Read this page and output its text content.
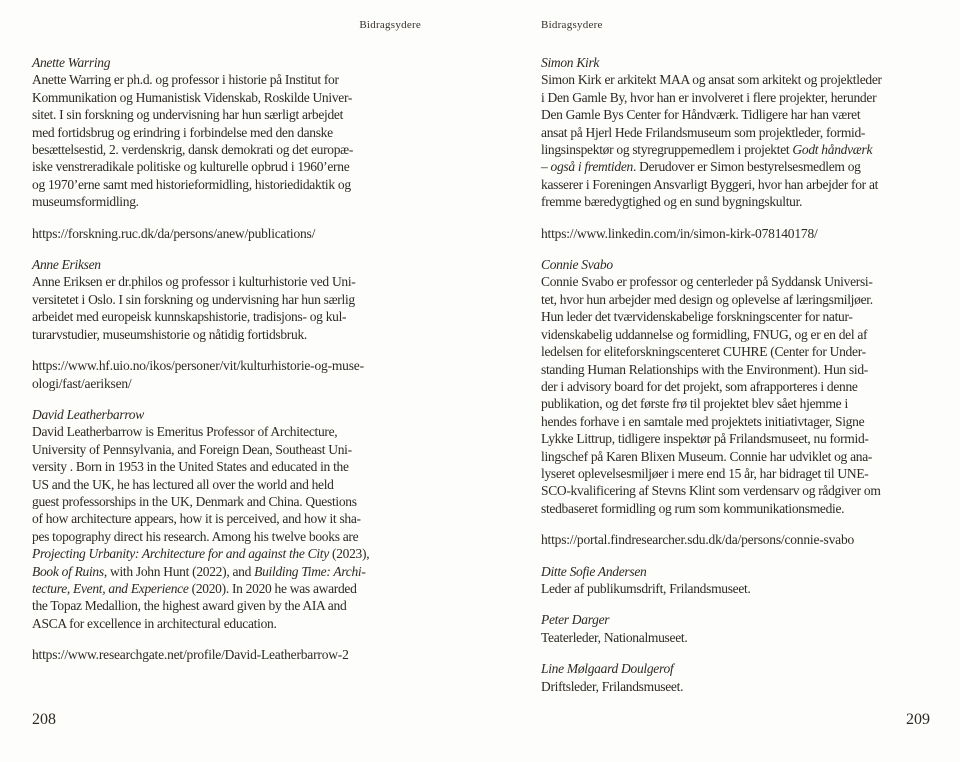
Bidragsydere
Anette Warring
Anette Warring er ph.d. og professor i historie på Institut for
Kommunikation og Humanistisk Videnskab, Roskilde Univer-
sitet. I sin forskning og undervisning har hun særligt arbejdet
med fortidsbrug og erindring i forbindelse med den danske
besættelsestid, 2. verdenskrig, dansk demokrati og det europæ-
iske venstreradikale politiske og kulturelle opbrud i 1960’erne
og 1970’erne samt med historieformidling, historiedidaktik og
museumsformidling.
https://forskning.ruc.dk/da/persons/anew/publications/
Anne Eriksen
Anne Eriksen er dr.philos og professor i kulturhistorie ved Uni-
versitetet i Oslo. I sin forskning og undervisning har hun særlig
arbeidet med europeisk kunnskapshistorie, tradisjons- og kul-
turarvstudier, museumshistorie og nåtidig fortidsbruk.
https://www.hf.uio.no/ikos/personer/vit/kulturhistorie-og-muse-
ologi/fast/aeriksen/
David Leatherbarrow
David Leatherbarrow is Emeritus Professor of Architecture,
University of Pennsylvania, and Foreign Dean, Southeast Uni-
versity . Born in 1953 in the United States and educated in the
US and the UK, he has lectured all over the world and held
guest professorships in the UK, Denmark and China. Questions
of how architecture appears, how it is perceived, and how it sha-
pes topography direct his research. Among his twelve books are
Projecting Urbanity: Architecture for and against the City (2023),
Book of Ruins, with John Hunt (2022), and Building Time: Archi-
tecture, Event, and Experience (2020). In 2020 he was awarded
the Topaz Medallion, the highest award given by the AIA and
ASCA for excellence in architectural education.
https://www.researchgate.net/profile/David-Leatherbarrow-2
208
Bidragsydere
Simon Kirk
Simon Kirk er arkitekt MAA og ansat som arkitekt og projektleder
i Den Gamle By, hvor han er involveret i flere projekter, herunder
Den Gamle Bys Center for Håndværk. Tidligere har han været
ansat på Hjerl Hede Frilandsmuseum som projektleder, formid-
lingsinspektør og styregruppemedlem i projektet Godt håndværk
– også i fremtiden. Derudover er Simon bestyrelsesmedlem og
kasserer i Foreningen Ansvarligt Byggeri, hvor han arbejder for at
fremme bæredygtighed og en sund bygningskultur.
https://www.linkedin.com/in/simon-kirk-078140178/
Connie Svabo
Connie Svabo er professor og centerleder på Syddansk Universi-
tet, hvor hun arbejder med design og oplevelse af læringsmiljøer.
Hun leder det tværvidenskabelige forskningscenter for natur-
videnskabelig uddannelse og formidling, FNUG, og er en del af
ledelsen for eliteforskningscenteret CUHRE (Center for Under-
standing Human Relationships with the Environment). Hun sid-
der i advisory board for det projekt, som afrapporteres i denne
publikation, og det første frø til projektet blev sået hjemme i
hendes forhave i en samtale med projektets initiativtager, Signe
Lykke Littrup, tidligere inspektør på Frilandsmuseet, nu formid-
lingschef på Karen Blixen Museum. Connie har udviklet og ana-
lyseret oplevelsesmiljøer i mere end 15 år, har bidraget til UNE-
SCO-kvalificering af Stevns Klint som verdensarv og rådgiver om
stedbaseret formidling og rum som kommunikationsmedie.
https://portal.findresearcher.sdu.dk/da/persons/connie-svabo
Ditte Sofie Andersen
Leder af publikumsdrift, Frilandsmuseet.
Peter Darger
Teaterleder, Nationalmuseet.
Line Mølgaard Doulgerof
Driftsleder, Frilandsmuseet.
209
